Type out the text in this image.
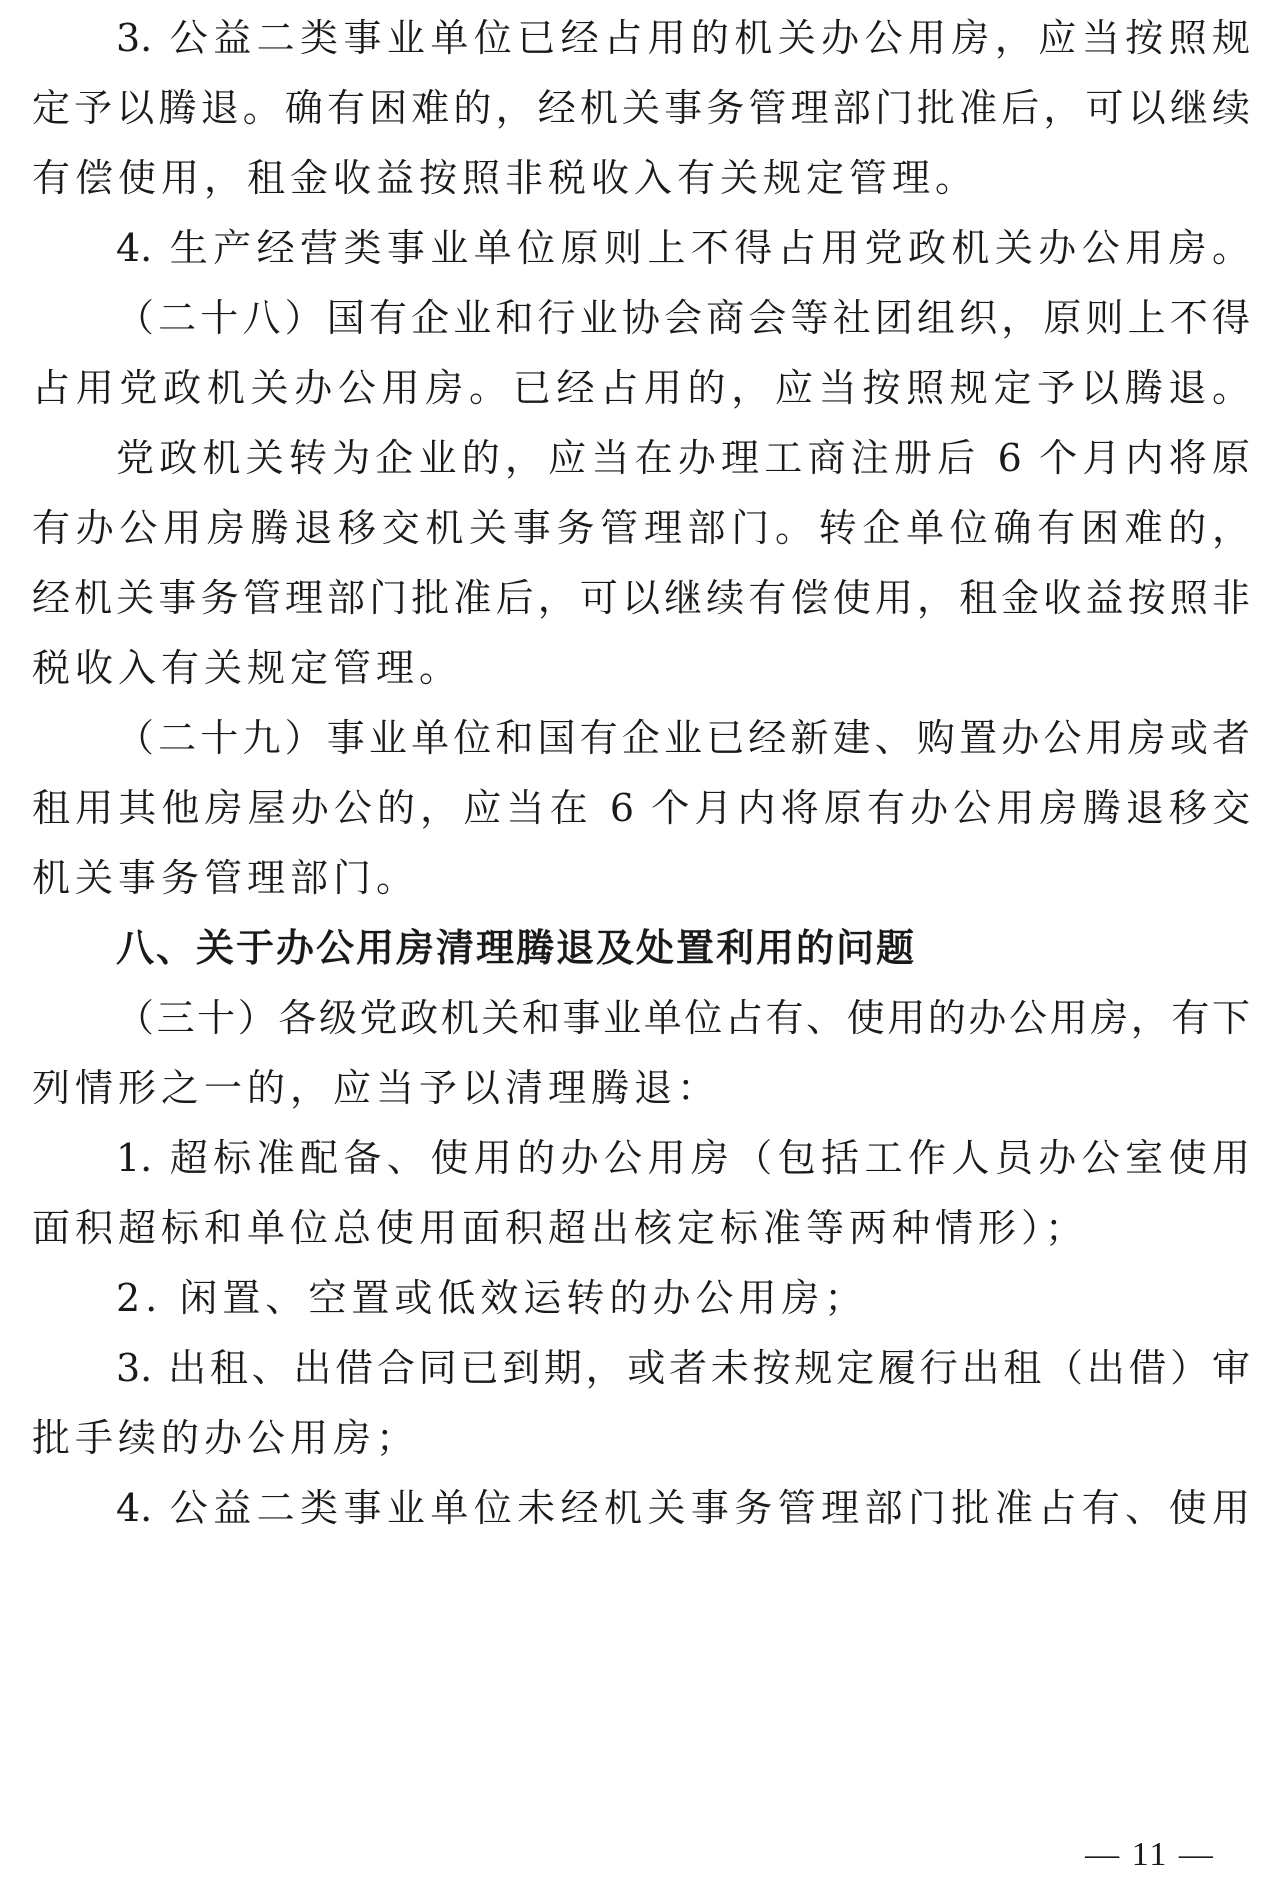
3. 公益二类事业单位已经占用的机关办公用房，应当按照规
定予以腾退。确有困难的，经机关事务管理部门批准后，可以继续
有偿使用，租金收益按照非税收入有关规定管理。
4. 生产经营类事业单位原则上不得占用党政机关办公用房。
（二十八）国有企业和行业协会商会等社团组织，原则上不得
占用党政机关办公用房。已经占用的，应当按照规定予以腾退。
党政机关转为企业的，应当在办理工商注册后 6 个月内将原
有办公用房腾退移交机关事务管理部门。转企单位确有困难的，
经机关事务管理部门批准后，可以继续有偿使用，租金收益按照非
税收入有关规定管理。
（二十九）事业单位和国有企业已经新建、购置办公用房或者
租用其他房屋办公的，应当在 6 个月内将原有办公用房腾退移交
机关事务管理部门。
八、关于办公用房清理腾退及处置利用的问题
（三十）各级党政机关和事业单位占有、使用的办公用房，有下
列情形之一的，应当予以清理腾退：
1. 超标准配备、使用的办公用房（包括工作人员办公室使用
面积超标和单位总使用面积超出核定标准等两种情形）；
2. 闲置、空置或低效运转的办公用房；
3. 出租、出借合同已到期，或者未按规定履行出租（出借）审
批手续的办公用房；
4. 公益二类事业单位未经机关事务管理部门批准占有、使用
— 11 —
